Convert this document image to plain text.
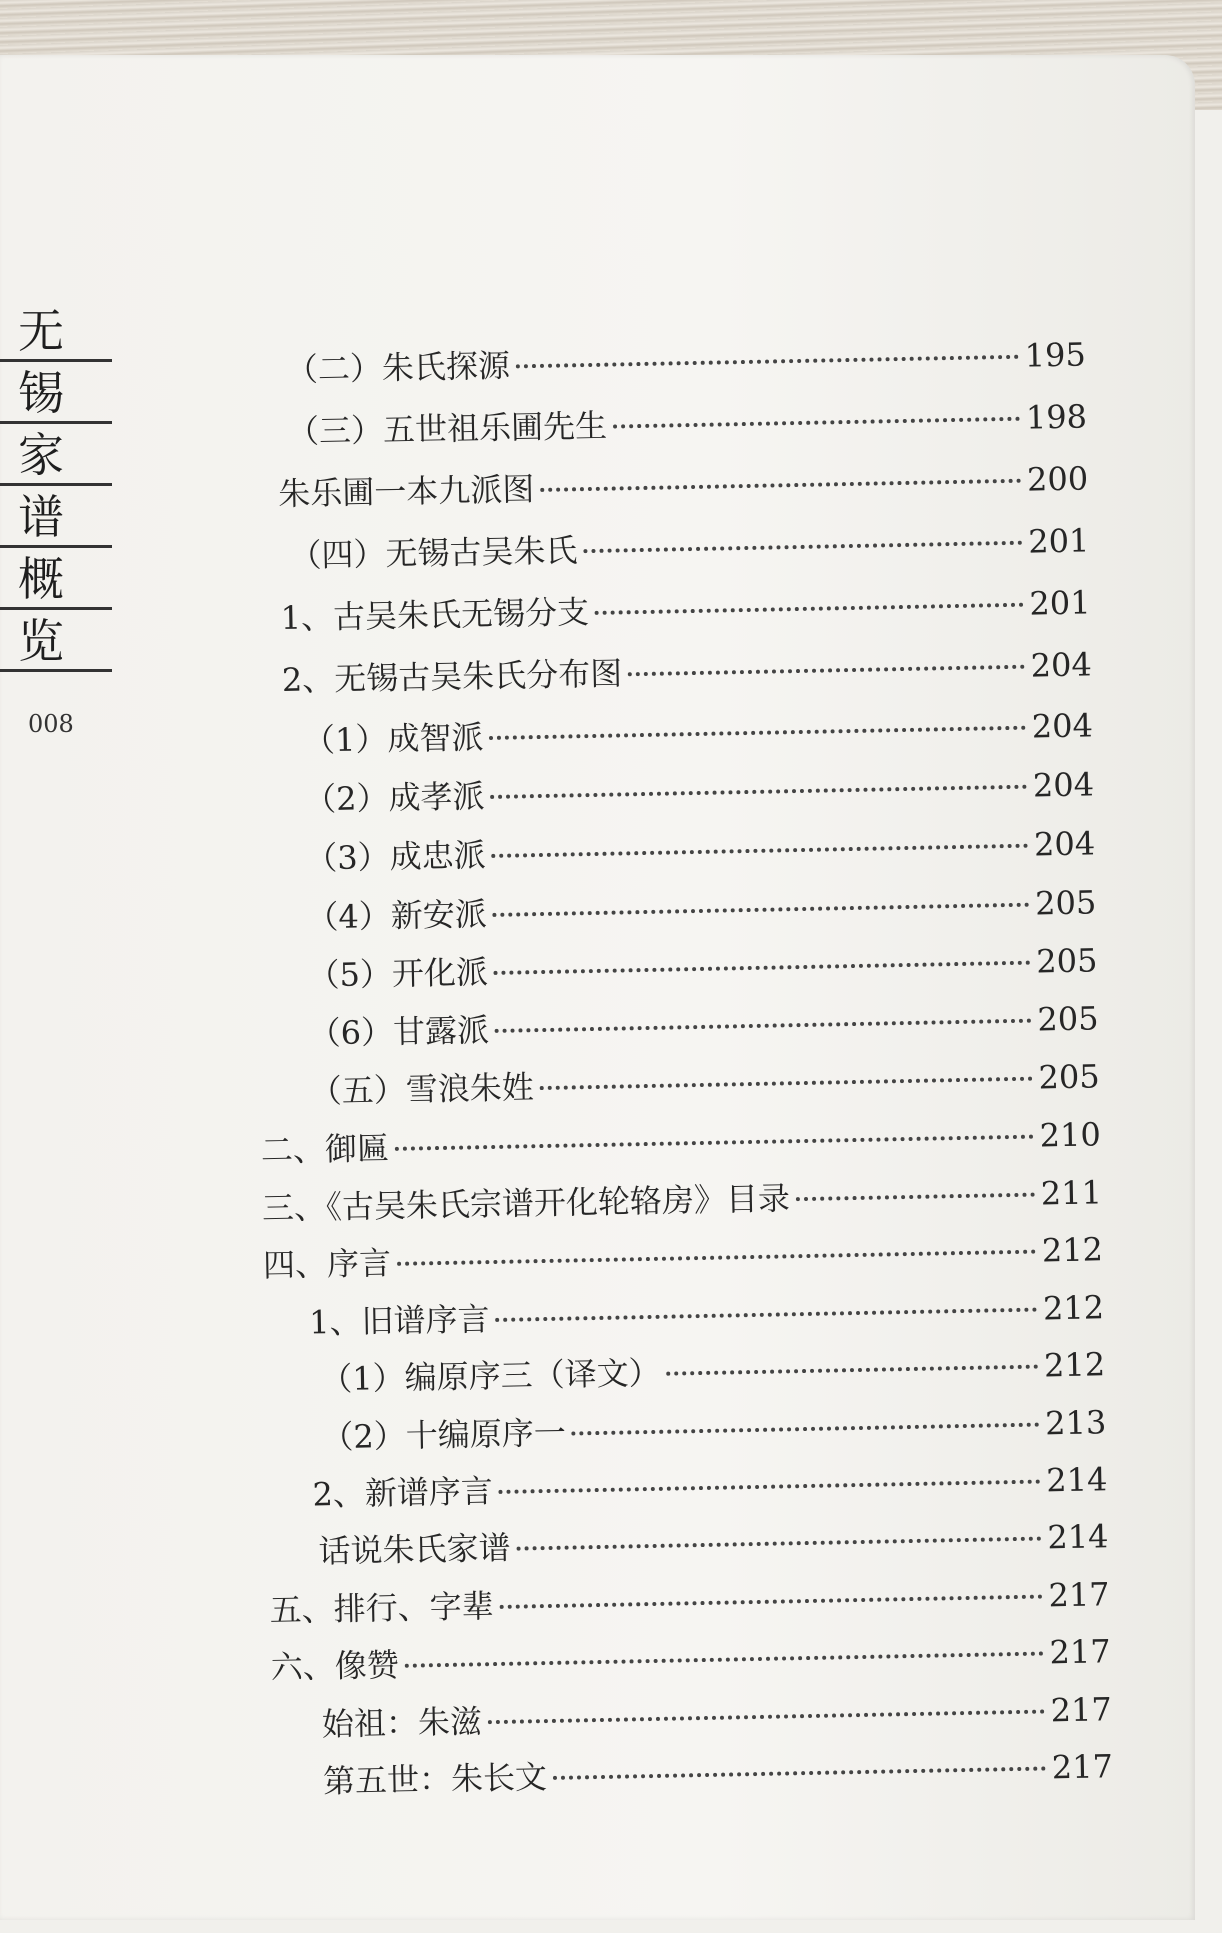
无
锡
家
谱
概
览
008
（二）朱氏探源	195
（三）五世祖乐圃先生	198
朱乐圃一本九派图	200
（四）无锡古吴朱氏	201
1、古吴朱氏无锡分支	201
2、无锡古吴朱氏分布图	204
（1）成智派	204
（2）成孝派	204
（3）成忠派	204
（4）新安派	205
（5）开化派	205
（6）甘露派	205
（五）雪浪朱姓	205
二、御匾	210
三、《古吴朱氏宗谱开化轮辂房》目录	211
四、序言	212
1、旧谱序言	212
（1）编原序三（译文）	212
（2）十编原序一	213
2、新谱序言	214
话说朱氏家谱	214
五、排行、字辈	217
六、像赞	217
始祖：朱滋	217
第五世：朱长文	217
